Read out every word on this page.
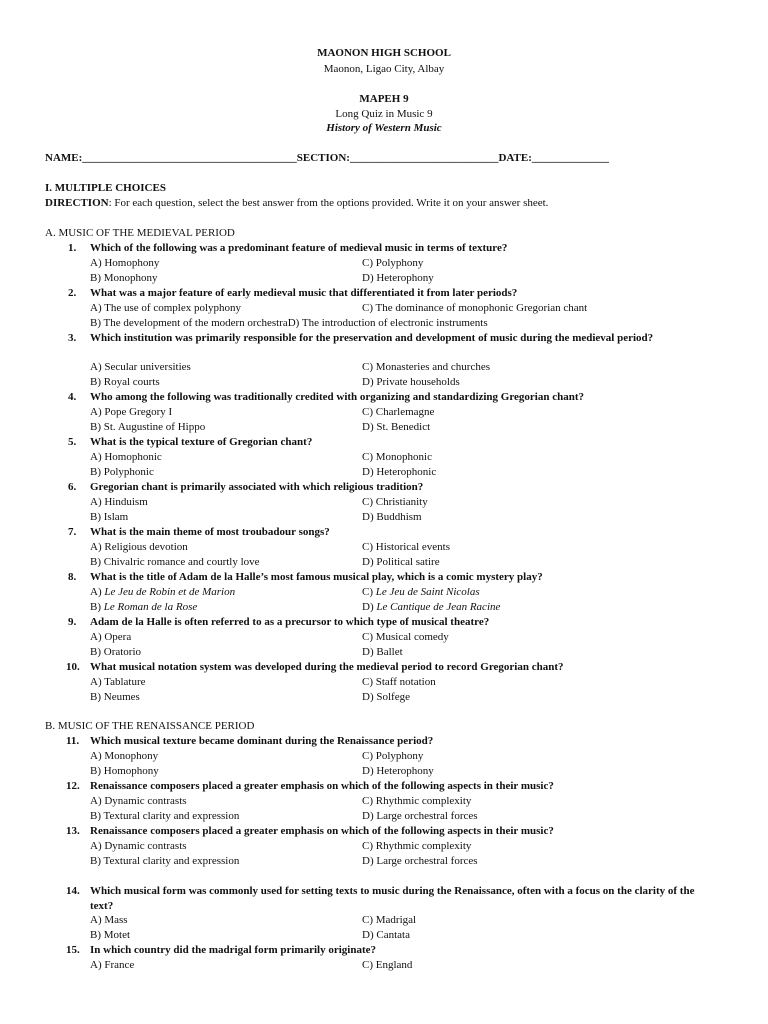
MAONON HIGH SCHOOL
Maonon, Ligao City, Albay
MAPEH 9
Long Quiz in Music 9
History of Western Music
NAME:_______________________________________SECTION:___________________________DATE:______________
I. MULTIPLE CHOICES
DIRECTION: For each question, select the best answer from the options provided. Write it on your answer sheet.
A. MUSIC OF THE MEDIEVAL PERIOD
1. Which of the following was a predominant feature of medieval music in terms of texture?
A) Homophony	C) Polyphony
B) Monophony	D) Heterophony
2. What was a major feature of early medieval music that differentiated it from later periods?
A) The use of complex polyphony	C) The dominance of monophonic Gregorian chant
B) The development of the modern orchestraD) The introduction of electronic instruments
3. Which institution was primarily responsible for the preservation and development of music during the medieval period?
A) Secular universities	C) Monasteries and churches
B) Royal courts	D) Private households
4. Who among the following was traditionally credited with organizing and standardizing Gregorian chant?
A) Pope Gregory I	C) Charlemagne
B) St. Augustine of Hippo	D) St. Benedict
5. What is the typical texture of Gregorian chant?
A) Homophonic	C) Monophonic
B) Polyphonic	D) Heterophonic
6. Gregorian chant is primarily associated with which religious tradition?
A) Hinduism	C) Christianity
B) Islam	D) Buddhism
7. What is the main theme of most troubadour songs?
A) Religious devotion	C) Historical events
B) Chivalric romance and courtly love	D) Political satire
8. What is the title of Adam de la Halle’s most famous musical play, which is a comic mystery play?
A) Le Jeu de Robin et de Marion	C) Le Jeu de Saint Nicolas
B) Le Roman de la Rose	D) Le Cantique de Jean Racine
9. Adam de la Halle is often referred to as a precursor to which type of musical theatre?
A) Opera	C) Musical comedy
B) Oratorio	D) Ballet
10. What musical notation system was developed during the medieval period to record Gregorian chant?
A) Tablature	C) Staff notation
B) Neumes	D) Solfege
B. MUSIC OF THE RENAISSANCE PERIOD
11. Which musical texture became dominant during the Renaissance period?
A) Monophony	C) Polyphony
B) Homophony	D) Heterophony
12. Renaissance composers placed a greater emphasis on which of the following aspects in their music?
A) Dynamic contrasts	C) Rhythmic complexity
B) Textural clarity and expression	D) Large orchestral forces
13. Renaissance composers placed a greater emphasis on which of the following aspects in their music?
A) Dynamic contrasts	C) Rhythmic complexity
B) Textural clarity and expression	D) Large orchestral forces
14. Which musical form was commonly used for setting texts to music during the Renaissance, often with a focus on the clarity of the text?
A) Mass	C) Madrigal
B) Motet	D) Cantata
15. In which country did the madrigal form primarily originate?
A) France	C) England
